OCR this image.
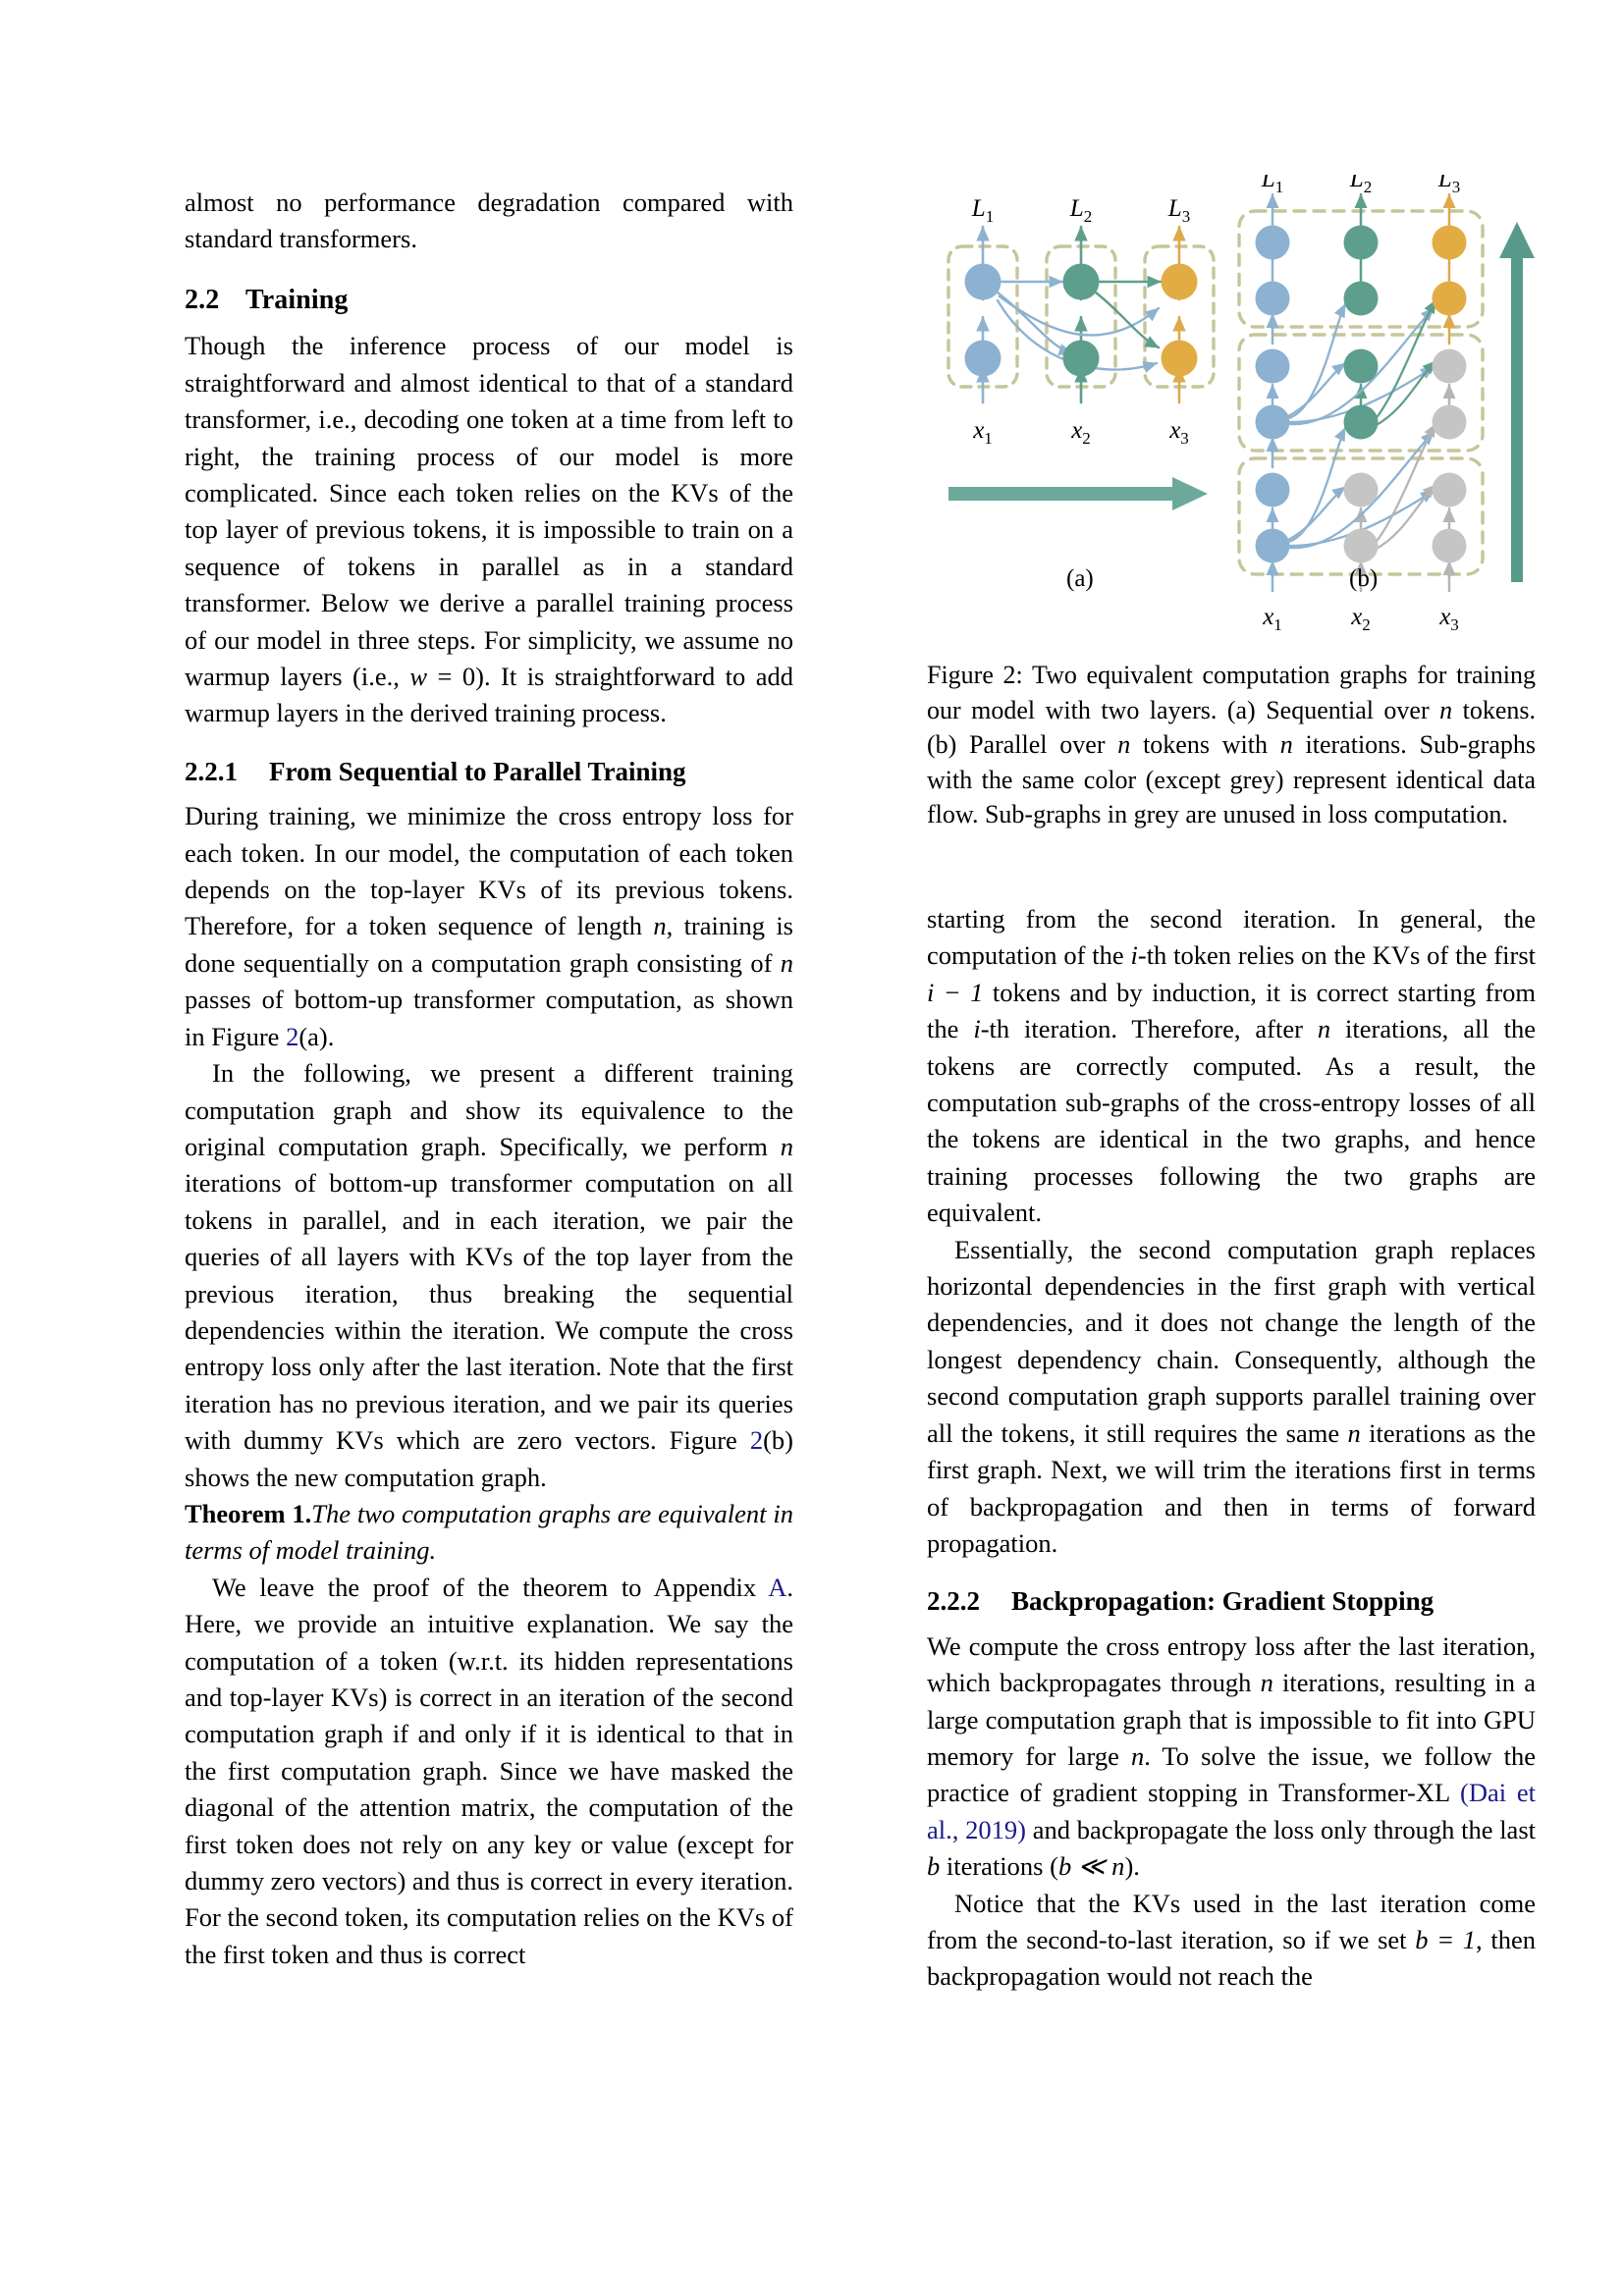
almost no performance degradation compared with standard transformers.

2.2 Training

Though the inference process of our model is straightforward and almost identical to that of a standard transformer, i.e., decoding one token at a time from left to right, the training process of our model is more complicated. Since each token relies on the KVs of the top layer of previous tokens, it is impossible to train on a sequence of tokens in parallel as in a standard transformer. Below we derive a parallel training process of our model in three steps. For simplicity, we assume no warmup layers (i.e., w = 0). It is straightforward to add warmup layers in the derived training process.

2.2.1 From Sequential to Parallel Training

During training, we minimize the cross entropy loss for each token. In our model, the computation of each token depends on the top-layer KVs of its previous tokens. Therefore, for a token sequence of length n, training is done sequentially on a computation graph consisting of n passes of bottom-up transformer computation, as shown in Figure 2(a).

In the following, we present a different training computation graph and show its equivalence to the original computation graph. Specifically, we perform n iterations of bottom-up transformer computation on all tokens in parallel, and in each iteration, we pair the queries of all layers with KVs of the top layer from the previous iteration, thus breaking the sequential dependencies within the iteration. We compute the cross entropy loss only after the last iteration. Note that the first iteration has no previous iteration, and we pair its queries with dummy KVs which are zero vectors. Figure 2(b) shows the new computation graph.

Theorem 1.The two computation graphs are equivalent in terms of model training.

We leave the proof of the theorem to Appendix A. Here, we provide an intuitive explanation. We say the computation of a token (w.r.t. its hidden representations and top-layer KVs) is correct in an iteration of the second computation graph if and only if it is identical to that in the first computation graph. Since we have masked the diagonal of the attention matrix, the computation of the first token does not rely on any key or value (except for dummy zero vectors) and thus is correct in every iteration. For the second token, its computation relies on the KVs of the first token and thus is correct

$L_1$	$L_2$	$L_3$
$x_1$	$x_2$	$x_3$
$L_1$	$L_2$	$L_3$
$x_1$	$x_2$	$x_3$
(a)	(b)
Figure 2: Two equivalent computation graphs for training our model with two layers. (a) Sequential over n tokens. (b) Parallel over n tokens with n iterations. Sub-graphs with the same color (except grey) represent identical data flow. Sub-graphs in grey are unused in loss computation.

starting from the second iteration. In general, the computation of the i-th token relies on the KVs of the first i − 1 tokens and by induction, it is correct starting from the i-th iteration. Therefore, after n iterations, all the tokens are correctly computed. As a result, the computation sub-graphs of the cross-entropy losses of all the tokens are identical in the two graphs, and hence training processes following the two graphs are equivalent.

Essentially, the second computation graph replaces horizontal dependencies in the first graph with vertical dependencies, and it does not change the length of the longest dependency chain. Consequently, although the second computation graph supports parallel training over all the tokens, it still requires the same n iterations as the first graph. Next, we will trim the iterations first in terms of backpropagation and then in terms of forward propagation.

2.2.2 Backpropagation: Gradient Stopping

We compute the cross entropy loss after the last iteration, which backpropagates through n iterations, resulting in a large computation graph that is impossible to fit into GPU memory for large n. To solve the issue, we follow the practice of gradient stopping in Transformer-XL (Dai et al., 2019) and backpropagate the loss only through the last b iterations (b ≪ n).

Notice that the KVs used in the last iteration come from the second-to-last iteration, so if we set b = 1, then backpropagation would not reach the
